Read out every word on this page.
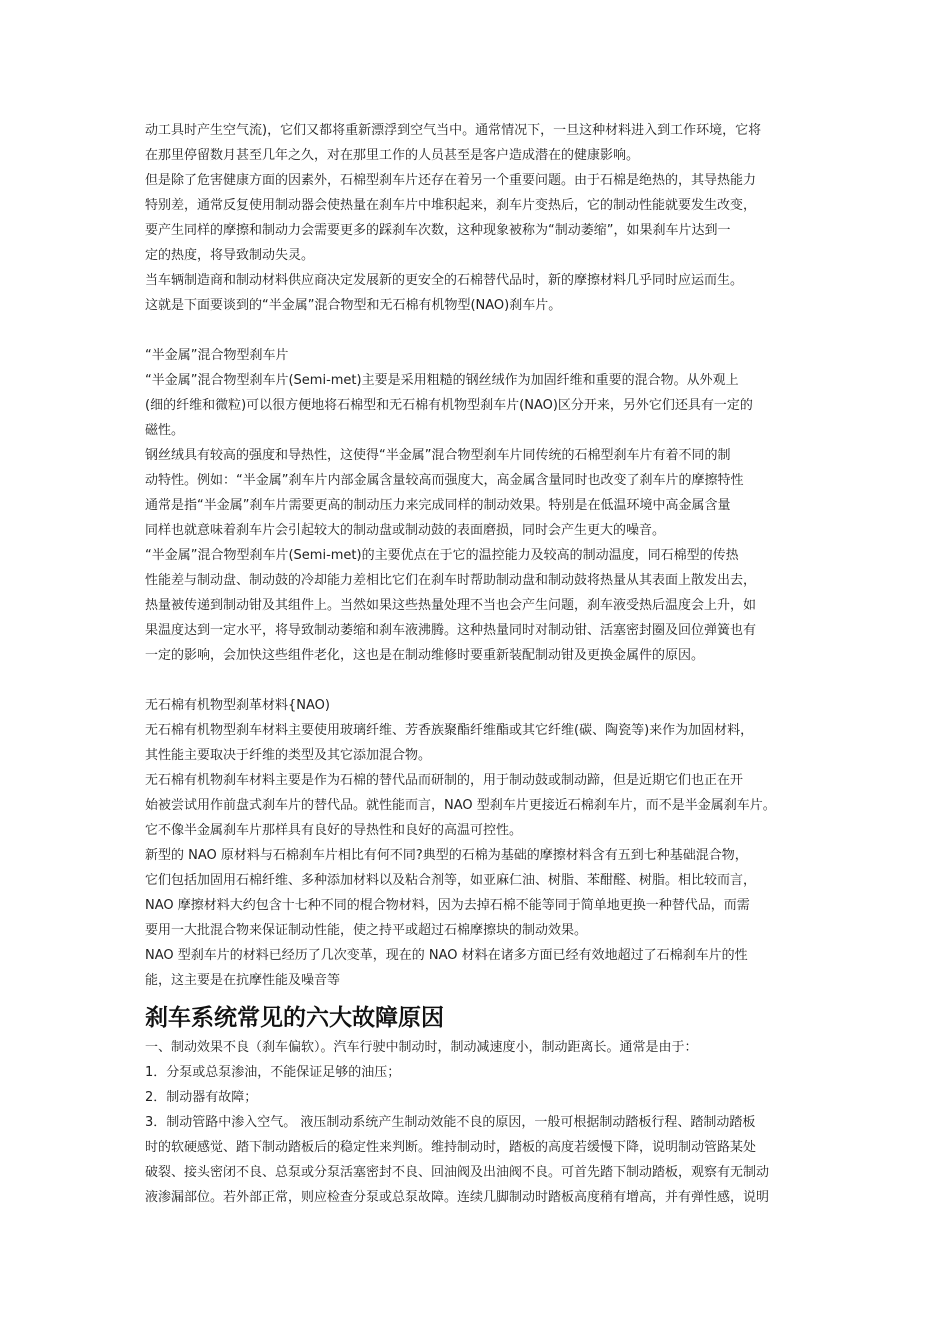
动工具时产生空气流)，它们又都将重新漂浮到空气当中。通常情况下，一旦这种材料进入到工作环境，它将
在那里停留数月甚至几年之久，对在那里工作的人员甚至是客户造成潜在的健康影响。
但是除了危害健康方面的因素外，石棉型刹车片还存在着另一个重要问题。由于石棉是绝热的，其导热能力
特别差，通常反复使用制动器会使热量在刹车片中堆积起来，刹车片变热后，它的制动性能就要发生改变，
要产生同样的摩擦和制动力会需要更多的踩刹车次数，这种现象被称为“制动萎缩”，如果刹车片达到一
定的热度，将导致制动失灵。
当车辆制造商和制动材料供应商决定发展新的更安全的石棉替代品时，新的摩擦材料几乎同时应运而生。
这就是下面要谈到的“半金属”混合物型和无石棉有机物型(NAO)刹车片。
“半金属”混合物型刹车片
“半金属”混合物型刹车片(Semi-met)主要是采用粗糙的钢丝绒作为加固纤维和重要的混合物。从外观上
(细的纤维和微粒)可以很方便地将石棉型和无石棉有机物型刹车片(NAO)区分开来，另外它们还具有一定的
磁性。
钢丝绒具有较高的强度和导热性，这使得“半金属”混合物型刹车片同传统的石棉型刹车片有着不同的制
动特性。例如：“半金属”刹车片内部金属含量较高而强度大，高金属含量同时也改变了刹车片的摩擦特性
通常是指“半金属”刹车片需要更高的制动压力来完成同样的制动效果。特别是在低温环境中高金属含量
同样也就意味着刹车片会引起较大的制动盘或制动鼓的表面磨损，同时会产生更大的噪音。
“半金属”混合物型刹车片(Semi-met)的主要优点在于它的温控能力及较高的制动温度，同石棉型的传热
性能差与制动盘、制动鼓的冷却能力差相比它们在刹车时帮助制动盘和制动鼓将热量从其表面上散发出去，
热量被传递到制动钳及其组件上。当然如果这些热量处理不当也会产生问题，刹车液受热后温度会上升，如
果温度达到一定水平，将导致制动萎缩和刹车液沸腾。这种热量同时对制动钳、活塞密封圈及回位弹簧也有
一定的影响，会加快这些组件老化，这也是在制动维修时要重新装配制动钳及更换金属件的原因。
无石棉有机物型刹革材料{NAO)
无石棉有机物型刹车材料主要使用玻璃纤维、芳香族聚酯纤维酯或其它纤维(碳、陶瓷等)来作为加固材料，
其性能主要取决于纤维的类型及其它添加混合物。
无石棉有机物刹车材料主要是作为石棉的替代品而研制的，用于制动鼓或制动蹄，但是近期它们也正在开
始被尝试用作前盘式刹车片的替代品。就性能而言，NAO 型刹车片更接近石棉刹车片，而不是半金属刹车片。
它不像半金属刹车片那样具有良好的导热性和良好的高温可控性。
新型的 NAO 原材料与石棉刹车片相比有何不同?典型的石棉为基础的摩擦材料含有五到七种基础混合物，
它们包括加固用石棉纤维、多种添加材料以及粘合剂等，如亚麻仁油、树脂、苯酣醛、树脂。相比较而言，
NAO 摩擦材料大约包含十七种不同的棍合物材料，因为去掉石棉不能等同于简单地更换一种替代品，而需
要用一大批混合物来保证制动性能，使之持平或超过石棉摩擦块的制动效果。
NAO 型刹车片的材料已经历了几次变革，现在的 NAO 材料在诸多方面已经有效地超过了石棉刹车片的性
能，这主要是在抗摩性能及噪音等
刹车系统常见的六大故障原因
一、制动效果不良（刹车偏软）。汽车行驶中制动时，制动减速度小，制动距离长。通常是由于：
1．分泵或总泵渗油，不能保证足够的油压；
2．制动器有故障；
3．制动管路中渗入空气。 液压制动系统产生制动效能不良的原因，一般可根据制动踏板行程、踏制动踏板
时的软硬感觉、踏下制动踏板后的稳定性来判断。维持制动时，踏板的高度若缓慢下降，说明制动管路某处
破裂、接头密闭不良、总泵或分泵活塞密封不良、回油阀及出油阀不良。可首先踏下制动踏板，观察有无制动
液渗漏部位。若外部正常，则应检查分泵或总泵故障。连续几脚制动时踏板高度稍有增高，并有弹性感，说明
